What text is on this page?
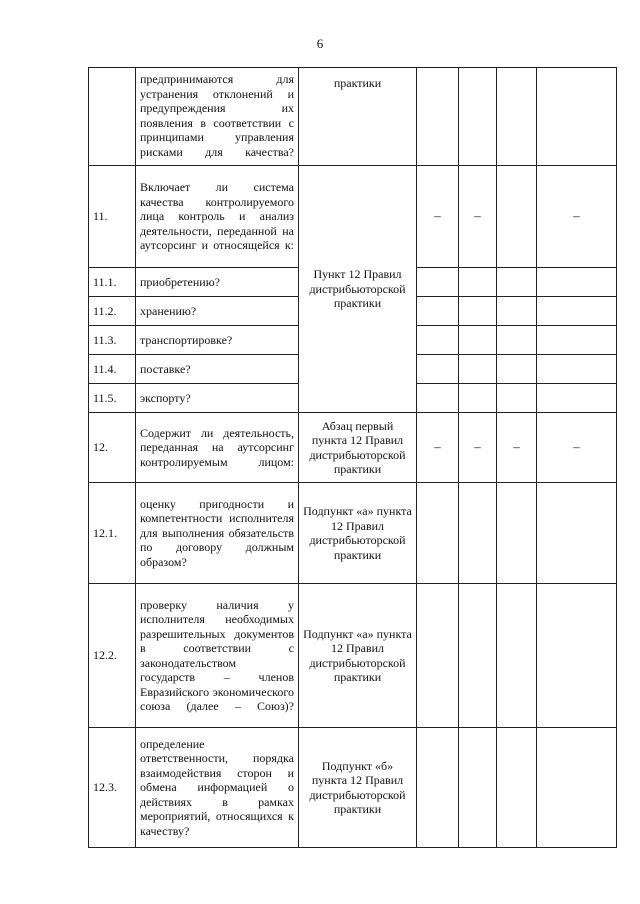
6
	предпринимаются для устранения отклонений и предупреждения их появления в соответствии с принципами управления рисками для качества?	практики				
11.	Включает ли система качества контролируемого лица контроль и анализ деятельности, переданной на аутсорсинг и относящейся к:	Пункт 12 Правил дистрибьюторской практики	–	–		–
11.1.	приобретению?					
11.2.	хранению?					
11.3.	транспортировке?					
11.4.	поставке?					
11.5.	экспорту?					
12.	Содержит ли деятельность, переданная на аутсорсинг контролируемым лицом:	Абзац первый пункта 12 Правил дистрибьюторской практики	–	–	–	–
12.1.	оценку пригодности и компетентности исполнителя для выполнения обязательств по договору должным образом?	Подпункт «а» пункта 12 Правил дистрибьюторской практики				
12.2.	проверку наличия у исполнителя необходимых разрешительных документов в соответствии с законодательством государств – членов Евразийского экономического союза (далее – Союз)?	Подпункт «а» пункта 12 Правил дистрибьюторской практики				
12.3.	определение ответственности, порядка взаимодействия сторон и обмена информацией о действиях в рамках мероприятий, относящихся к качеству?	Подпункт «б» пункта 12 Правил дистрибьюторской практики				
